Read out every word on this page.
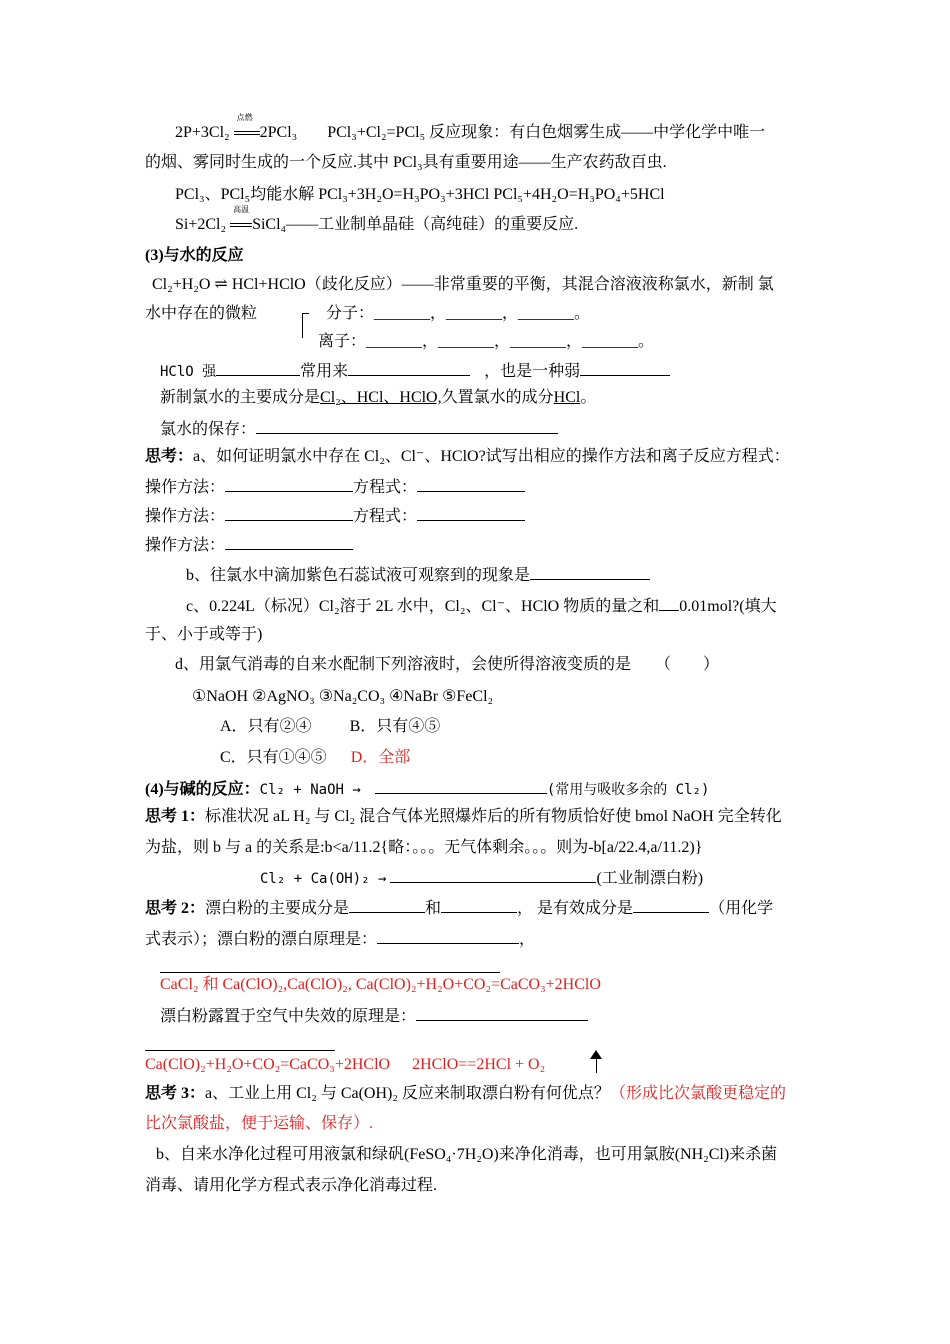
2P+3Cl₂
点燃
2PCl₃ PCl₃+Cl₂=PCl₅ 反应现象：有白色烟雾生成——中学化学中唯一
的烟、雾同时生成的一个反应.其中 PCl₃具有重要用途——生产农药敌百虫.
PCl₃、PCl₅均能水解 PCl₃+3H₂O=H₃PO₃+3HCl PCl₅+4H₂O=H₃PO₄+5HCl
Si+2Cl₂
高温
SiCl₄——工业制单晶硅（高纯硅）的重要反应.
(3)与水的反应
Cl₂+H₂O ⇌ HCl+HClO（歧化反应）——非常重要的平衡，其混合溶液液称氯水，新制 氯
水中存在的微粒	分子：_______，_______，_______。
离子：_______，_______，_______，_______。
HClO 强	常用来	，也是一种弱
新制氯水的主要成分是Cl₂、HCl、HClO,久置氯水的成分HCl。
氯水的保存：
思考：a、如何证明氯水中存在 Cl₂、Cl⁻、HClO?试写出相应的操作方法和离子反应方程式：
操作方法：	方程式：
操作方法：	方程式：
操作方法：
b、往氯水中滴加紫色石蕊试液可观察到的现象是
c、0.224L（标况）Cl₂溶于 2L 水中，Cl₂、Cl⁻、HClO 物质的量之和 0.01mol?(填大
于、小于或等于)
d、用氯气消毒的自来水配制下列溶液时，会使所得溶液变质的是　　（　　）
①NaOH ②AgNO₃ ③Na₂CO₃ ④NaBr ⑤FeCl₂
A．只有②④ B．只有④⑤
C．只有①④⑤ D．全部
(4)与碱的反应：Cl₂ + NaOH →	(常用与吸收多余的 Cl₂)
思考 1：标准状况 aL H₂ 与 Cl₂ 混合气体光照爆炸后的所有物质恰好使 bmol NaOH 完全转化
为盐，则 b 与 a 的关系是:b<a/11.2{略：。。。无气体剩余。。。则为-b[a/22.4,a/11.2)}
Cl₂ + Ca(OH)₂ →	(工业制漂白粉)
思考 2：漂白粉的主要成分是	和	， 是有效成分是	（用化学
式表示）；漂白粉的漂白原理是：	，
CaCl₂ 和 Ca(ClO)₂,Ca(ClO)₂, Ca(ClO)₂+H₂O+CO₂=CaCO₃+2HClO
漂白粉露置于空气中失效的原理是：
Ca(ClO)₂+H₂O+CO₂=CaCO₃+2HClO 2HClO==2HCl + O₂
思考 3：a、工业上用 Cl₂ 与 Ca(OH)₂ 反应来制取漂白粉有何优点？（形成比次氯酸更稳定的
比次氯酸盐，便于运输、保存）.
b、自来水净化过程可用液氯和绿矾(FeSO₄·7H₂O)来净化消毒，也可用氯胺(NH₂Cl)来杀菌
消毒、请用化学方程式表示净化消毒过程.
